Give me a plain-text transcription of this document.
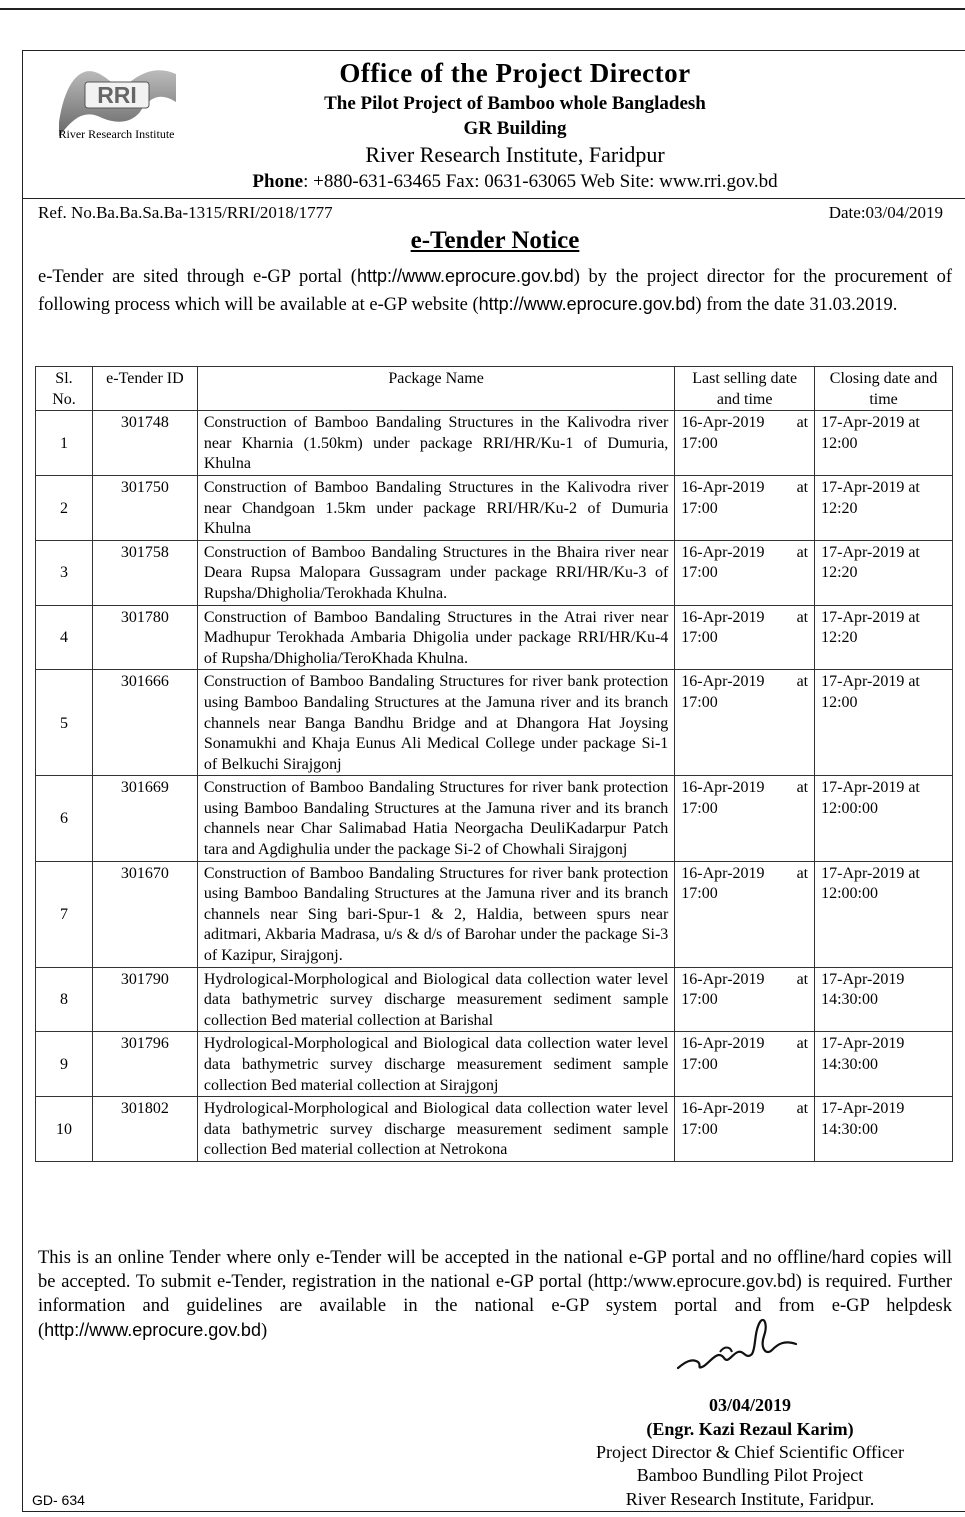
RRI
River Research Institute
Office of the Project Director
The Pilot Project of Bamboo whole Bangladesh
GR Building
River Research Institute, Faridpur
Phone: +880-631-63465 Fax: 0631-63065 Web Site: www.rri.gov.bd
Ref. No.Ba.Ba.Sa.Ba-1315/RRI/2018/1777	Date:03/04/2019
e-Tender Notice
e-Tender are sited through e-GP portal (http://www.eprocure.gov.bd) by the project director for the procurement of following process which will be available at e-GP website (http://www.eprocure.gov.bd) from the date 31.03.2019.
Sl. No.	e-Tender ID	Package Name	Last selling date and time	Closing date and time
1	301748	Construction of Bamboo Bandaling Structures in the Kalivodra river near Kharnia (1.50km) under package RRI/HR/Ku-1 of Dumuria, Khulna	16-Apr-2019 at 17:00	17-Apr-2019 at 12:00
2	301750	Construction of Bamboo Bandaling Structures in the Kalivodra river near Chandgoan 1.5km under package RRI/HR/Ku-2 of Dumuria Khulna	16-Apr-2019 at 17:00	17-Apr-2019 at 12:20
3	301758	Construction of Bamboo Bandaling Structures in the Bhaira river near Deara Rupsa Malopara Gussagram under package RRI/HR/Ku-3 of Rupsha/Dhigholia/Terokhada Khulna.	16-Apr-2019 at 17:00	17-Apr-2019 at 12:20
4	301780	Construction of Bamboo Bandaling Structures in the Atrai river near Madhupur Terokhada Ambaria Dhigolia under package RRI/HR/Ku-4 of Rupsha/Dhigholia/TeroKhada Khulna.	16-Apr-2019 at 17:00	17-Apr-2019 at 12:20
5	301666	Construction of Bamboo Bandaling Structures for river bank protection using Bamboo Bandaling Structures at the Jamuna river and its branch channels near Banga Bandhu Bridge and at Dhangora Hat Joysing Sonamukhi and Khaja Eunus Ali Medical College under package Si-1 of Belkuchi Sirajgonj	16-Apr-2019 at 17:00	17-Apr-2019 at 12:00
6	301669	Construction of Bamboo Bandaling Structures for river bank protection using Bamboo Bandaling Structures at the Jamuna river and its branch channels near Char Salimabad Hatia Neorgacha DeuliKadarpur Patch tara and Agdighulia under the package Si-2 of Chowhali Sirajgonj	16-Apr-2019 at 17:00	17-Apr-2019 at 12:00:00
7	301670	Construction of Bamboo Bandaling Structures for river bank protection using Bamboo Bandaling Structures at the Jamuna river and its branch channels near Sing bari-Spur-1 & 2, Haldia, between spurs near aditmari, Akbaria Madrasa, u/s & d/s of Barohar under the package Si-3 of Kazipur, Sirajgonj.	16-Apr-2019 at 17:00	17-Apr-2019 at 12:00:00
8	301790	Hydrological-Morphological and Biological data collection water level data bathymetric survey discharge measurement sediment sample collection Bed material collection at Barishal	16-Apr-2019 at 17:00	17-Apr-2019 14:30:00
9	301796	Hydrological-Morphological and Biological data collection water level data bathymetric survey discharge measurement sediment sample collection Bed material collection at Sirajgonj	16-Apr-2019 at 17:00	17-Apr-2019 14:30:00
10	301802	Hydrological-Morphological and Biological data collection water level data bathymetric survey discharge measurement sediment sample collection Bed material collection at Netrokona	16-Apr-2019 at 17:00	17-Apr-2019 14:30:00
This is an online Tender where only e-Tender will be accepted in the national e-GP portal and no offline/hard copies will be accepted. To submit e-Tender, registration in the national e-GP portal (http:/www.eprocure.gov.bd) is required. Further information and guidelines are available in the national e-GP system portal and from e-GP helpdesk (http://www.eprocure.gov.bd)
03/04/2019
(Engr. Kazi Rezaul Karim)
Project Director & Chief Scientific Officer
Bamboo Bundling Pilot Project
River Research Institute, Faridpur.
GD- 634
